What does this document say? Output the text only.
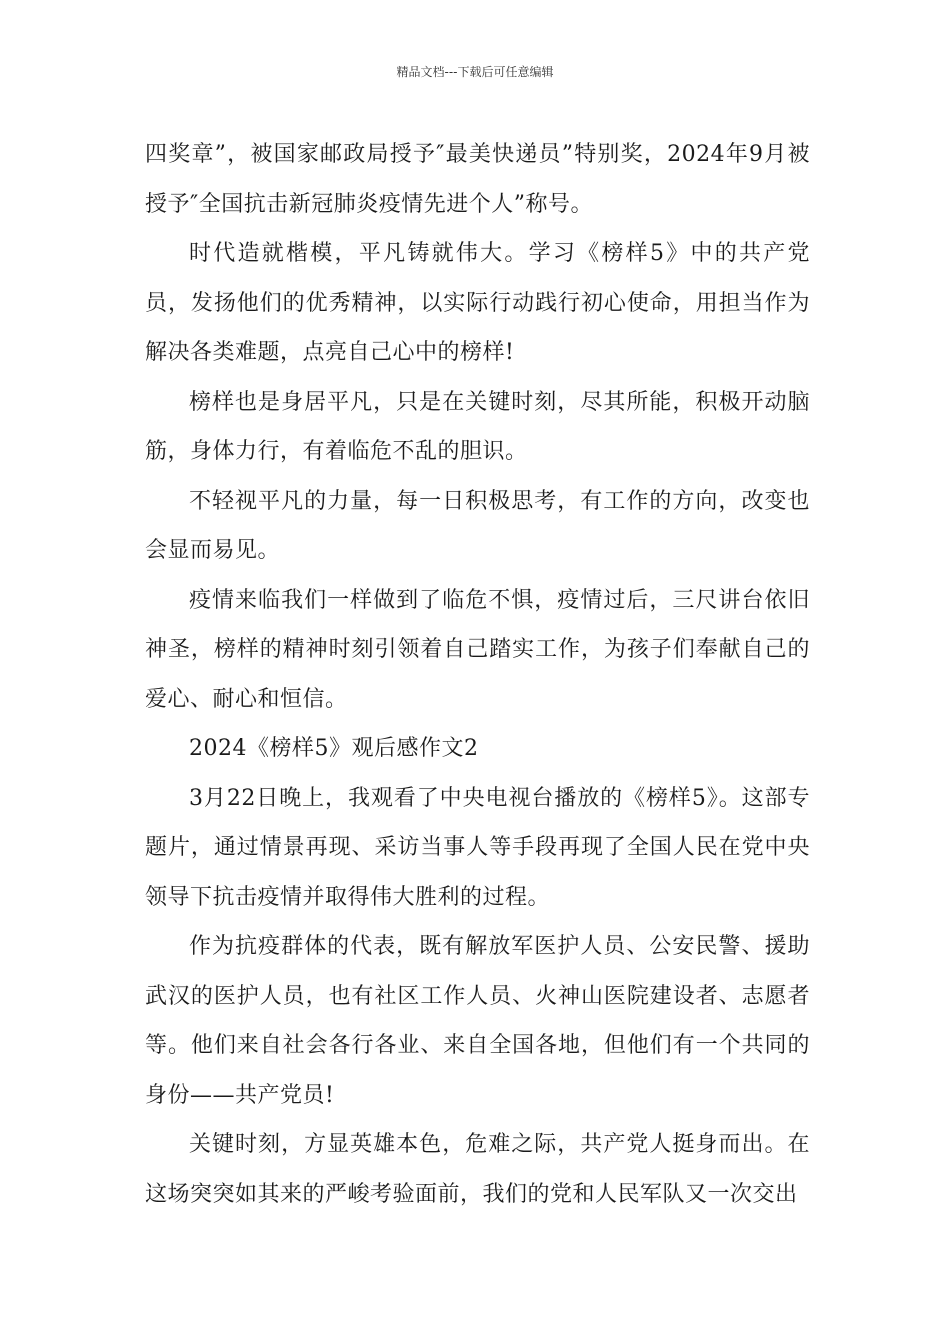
精品文档---下载后可任意编辑

四奖章”，被国家邮政局授予″最美快递员”特别奖，2024年9月被授予″全国抗击新冠肺炎疫情先进个人”称号。

时代造就楷模，平凡铸就伟大。学习《榜样5》中的共产党员，发扬他们的优秀精神，以实际行动践行初心使命，用担当作为解决各类难题，点亮自己心中的榜样!

榜样也是身居平凡，只是在关键时刻，尽其所能，积极开动脑筋，身体力行，有着临危不乱的胆识。

不轻视平凡的力量，每一日积极思考，有工作的方向，改变也会显而易见。

疫情来临我们一样做到了临危不惧，疫情过后，三尺讲台依旧神圣，榜样的精神时刻引领着自己踏实工作，为孩子们奉献自己的爱心、耐心和恒信。

2024《榜样5》观后感作文2

3月22日晚上，我观看了中央电视台播放的《榜样5》。这部专题片，通过情景再现、采访当事人等手段再现了全国人民在党中央领导下抗击疫情并取得伟大胜利的过程。

作为抗疫群体的代表，既有解放军医护人员、公安民警、援助武汉的医护人员，也有社区工作人员、火神山医院建设者、志愿者等。他们来自社会各行各业、来自全国各地，但他们有一个共同的身份——共产党员!

关键时刻，方显英雄本色，危难之际，共产党人挺身而出。在这场突突如其来的严峻考验面前，我们的党和人民军队又一次交出
